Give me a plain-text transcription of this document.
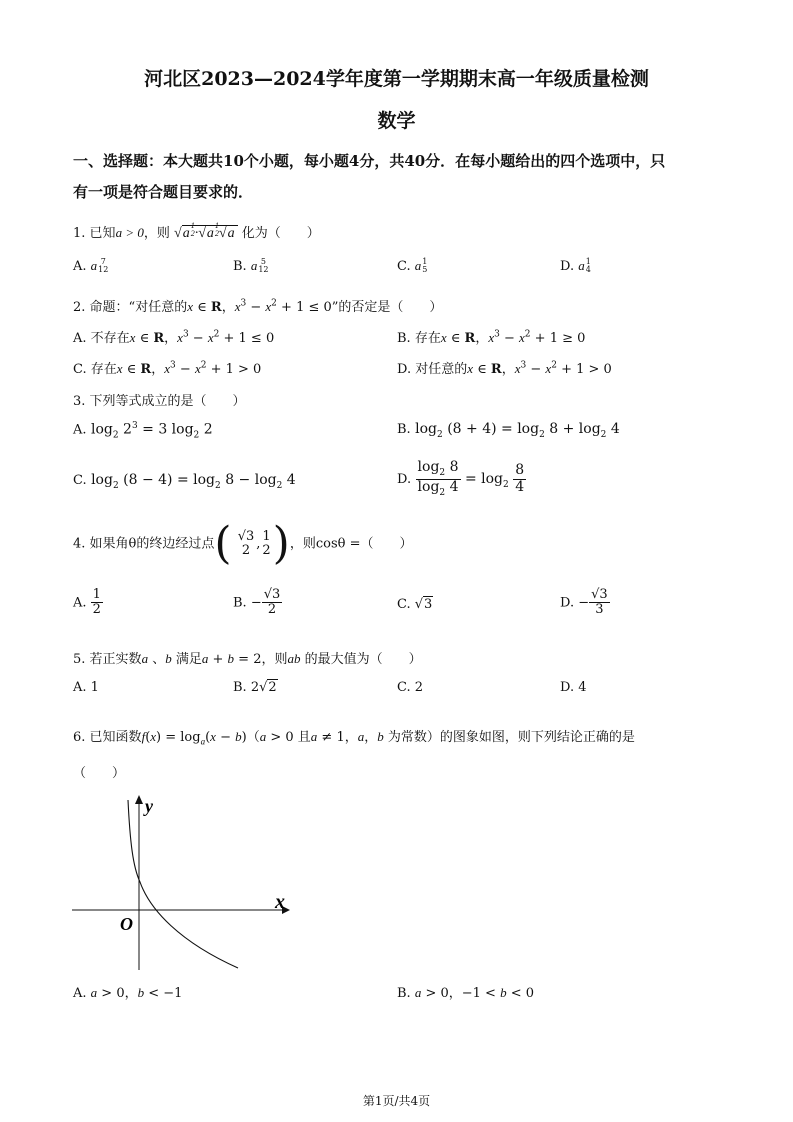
河北区2023—2024学年度第一学期期末高一年级质量检测
数学
一、选择题：本大题共10个小题，每小题4分，共40分．在每小题给出的四个选项中，只
有一项是符合题目要求的．
1. 已知a > 0，则 √a
1
2 ·√a
1
2 √a 化为（　　）
A. a 7
12	B. a 5
12	C. a 1
5	D. a 1
4
2. 命题：“对任意的x ∈ R，$x^3 - x^2 + 1 \le 0$”的否定是（　　）
A. 不存在x ∈ R，$x^3 - x^2 + 1 \le 0$	B. 存在x ∈ R，$x^3 - x^2 + 1 \ge 0$
C. 存在x ∈ R，$x^3 - x^2 + 1 > 0$	D. 对任意的x ∈ R，$x^3 - x^2 + 1 > 0$
3. 下列等式成立的是（　　）
A. $\log_2 2^3 = 3$ $\log_2 2$	B. $\log_2 (8 + 4) = \log_2 8 + \log_2 4$
C. $\log_2 (8 - 4) = \log_2 8 - \log_2 4$	D. $\frac{\log_2 8}{\log_2 4} = \log_2 \frac{8}{4}$
4. 如果角θ的终边经过点( √3
2 ,
1
2 )，则cosθ =（　　）
A. $\frac{1}{2}$	B. − $\frac{√3}{2}$	C. √3	D. − $\frac{√3}{3}$
5. 若正实数a 、b 满足a + b = 2，则ab 的最大值为（　　）
A. 1	B. 2√2	C. 2	D. 4
6. 已知函数$f(x) = \log_a(x - b)(a > 0$ 且a ≠ 1，a，b 为常数）的图象如图，则下列结论正确的是
（　　）
y
x
O
A. a > 0，b < −1	B. a > 0，−1 < b < 0
第1页/共4页
